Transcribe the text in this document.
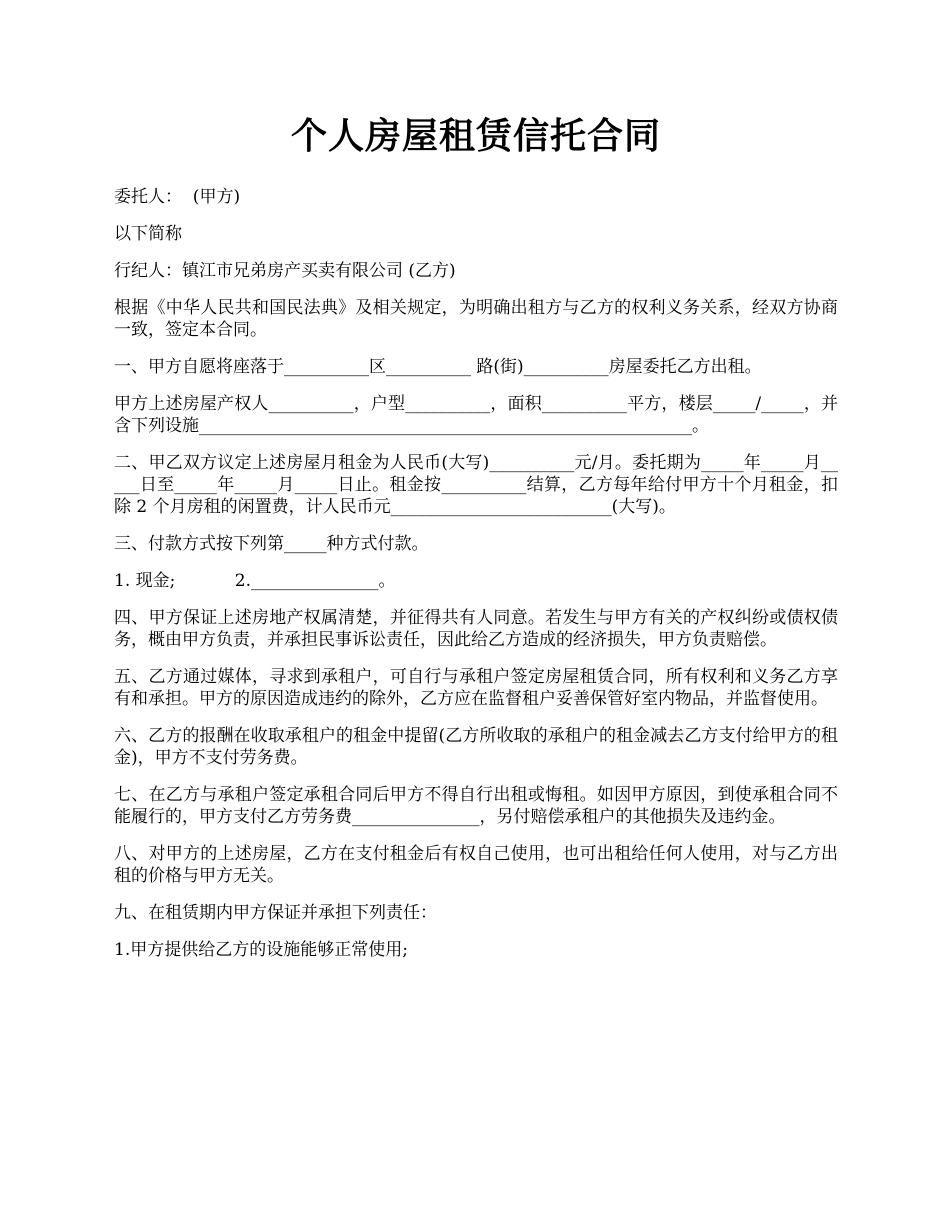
个人房屋租赁信托合同

委托人：  (甲方)

以下简称

行纪人：镇江市兄弟房产买卖有限公司 (乙方)

根据《中华人民共和国民法典》及相关规定，为明确出租方与乙方的权利义务关系，经双方协商一致，签定本合同。

一、甲方自愿将座落于__________区__________ 路(街)__________房屋委托乙方出租。

甲方上述房屋产权人__________，户型__________，面积__________平方，楼层_____/_____，并含下列设施__________________________________________________________。

二、甲乙双方议定上述房屋月租金为人民币(大写)__________元/月。委托期为_____年_____月_____日至_____年_____月_____日止。租金按__________结算，乙方每年给付甲方十个月租金，扣除 2 个月房租的闲置费，计人民币元__________________________(大写)。

三、付款方式按下列第_____种方式付款。

1. 现金;           2._______________。

四、甲方保证上述房地产权属清楚，并征得共有人同意。若发生与甲方有关的产权纠纷或债权债务，概由甲方负责，并承担民事诉讼责任，因此给乙方造成的经济损失，甲方负责赔偿。

五、乙方通过媒体，寻求到承租户，可自行与承租户签定房屋租赁合同，所有权利和义务乙方享有和承担。甲方的原因造成违约的除外，乙方应在监督租户妥善保管好室内物品，并监督使用。

六、乙方的报酬在收取承租户的租金中提留(乙方所收取的承租户的租金减去乙方支付给甲方的租金)，甲方不支付劳务费。

七、在乙方与承租户签定承租合同后甲方不得自行出租或悔租。如因甲方原因，到使承租合同不能履行的，甲方支付乙方劳务费_______________，另付赔偿承租户的其他损失及违约金。

八、对甲方的上述房屋，乙方在支付租金后有权自己使用，也可出租给任何人使用，对与乙方出租的价格与甲方无关。

九、在租赁期内甲方保证并承担下列责任：

1.甲方提供给乙方的设施能够正常使用;
